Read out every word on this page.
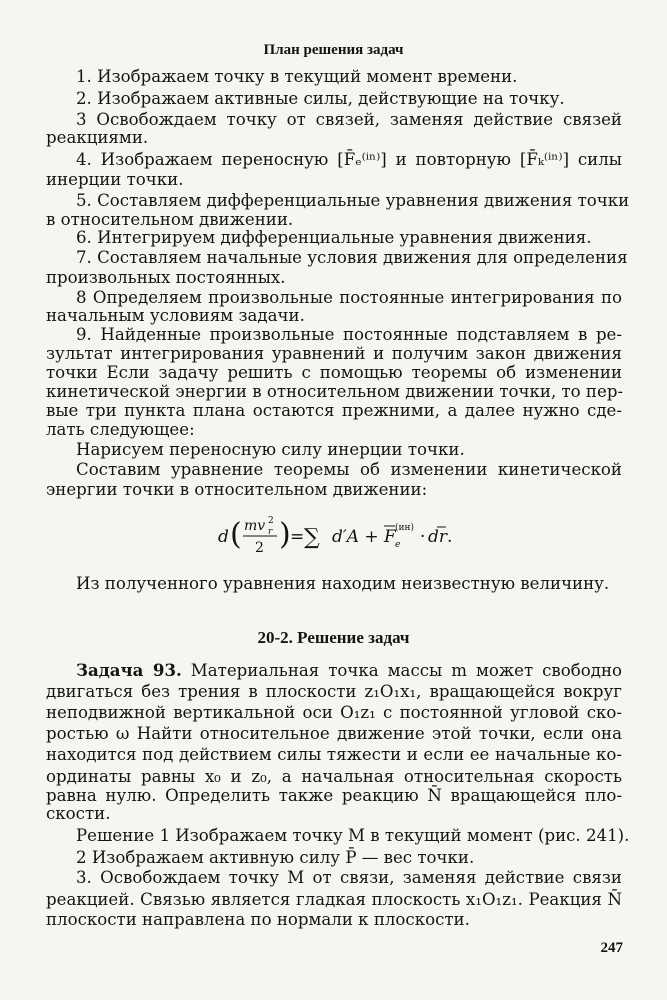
План решения задач
1. Изображаем точку в текущий момент времени.
2. Изображаем активные силы, действующие на точку.
3 Освобождаем точку от связей, заменяя действие связей
реакциями.
4. Изображаем переносную [F̄ₑ⁽ⁱⁿ⁾] и повторную [F̄ₖ⁽ⁱⁿ⁾] силы
инерции точки.
5. Составляем дифференциальные уравнения движения точки
в относительном движении.
6. Интегрируем дифференциальные уравнения движения.
7. Составляем начальные условия движения для определения
произвольных постоянных.
8 Определяем произвольные постоянные интегрирования по
начальным условиям задачи.
9. Найденные произвольные постоянные подставляем в ре-
зультат интегрирования уравнений и получим закон движения
точки Если задачу решить с помощью теоремы об изменении
кинетической энергии в относительном движении точки, то пер-
вые три пункта плана остаются прежними, а далее нужно сде-
лать следующее:
Нарисуем переносную силу инерции точки.
Составим уравнение теоремы об изменении кинетической
энергии точки в относительном движении:
d ( mv r
2
2 ) = ∑ d′A + F e
(ин) · dr .
Из полученного уравнения находим неизвестную величину.
20-2. Решение задач
Задача 93. Материальная точка массы m может свободно
двигаться без трения в плоскости z₁O₁x₁, вращающейся вокруг
неподвижной вертикальной оси O₁z₁ с постоянной угловой ско-
ростью ω Найти относительное движение этой точки, если она
находится под действием силы тяжести и если ее начальные ко-
ординаты равны x₀ и z₀, а начальная относительная скорость
равна нулю. Определить также реакцию N̄ вращающейся пло-
скости.
Решение 1 Изображаем точку M в текущий момент (рис. 241).
2 Изображаем активную силу P̄ — вес точки.
3. Освобождаем точку M от связи, заменяя действие связи
реакцией. Связью является гладкая плоскость x₁O₁z₁. Реакция N̄
плоскости направлена по нормали к плоскости.
247
